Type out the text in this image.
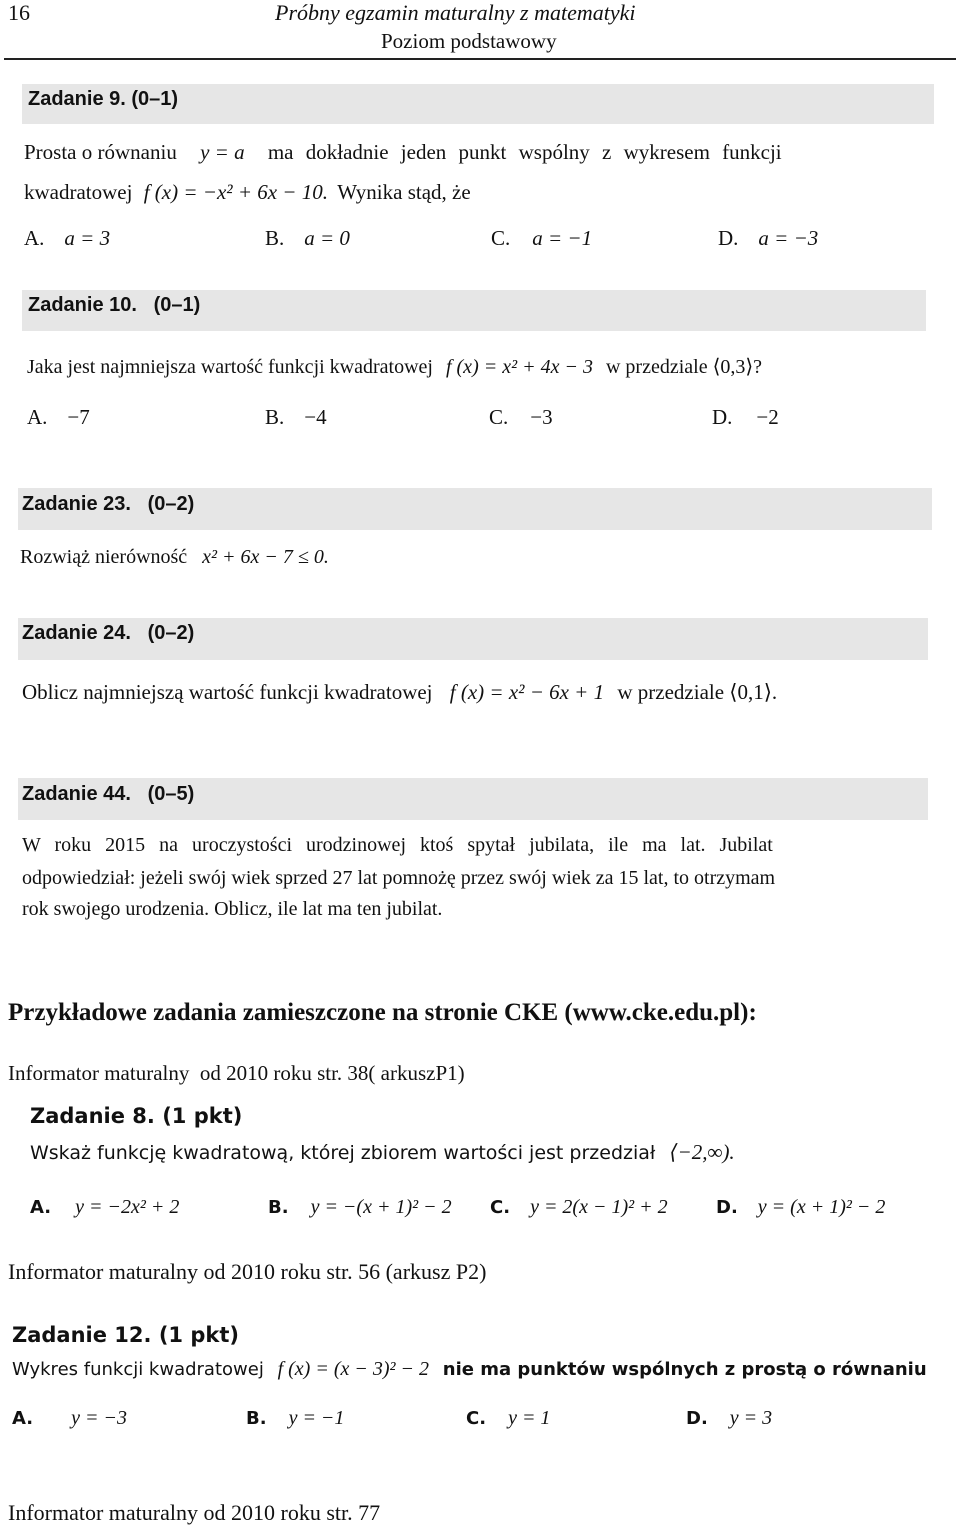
16	Próbny egzamin maturalny z matematyki
Poziom podstawowy
Zadanie 9. (0–1)
Prosta o równaniu y = a ma dokładnie jeden punkt wspólny z wykresem funkcji
kwadratowej f (x) = −x² + 6x − 10. Wynika stąd, że
A. a = 3	B. a = 0	C. a = −1	D. a = −3
Zadanie 10.   (0–1)
Jaka jest najmniejsza wartość funkcji kwadratowej f (x) = x² + 4x − 3 w przedziale ⟨0,3⟩?
A. −7	B. −4	C. −3	D. −2
Zadanie 23.   (0–2)
Rozwiąż nierówność x² + 6x − 7 ≤ 0.
Zadanie 24.   (0–2)
Oblicz najmniejszą wartość funkcji kwadratowej f (x) = x² − 6x + 1 w przedziale ⟨0,1⟩.
Zadanie 44.   (0–5)
W roku 2015 na uroczystości urodzinowej ktoś spytał jubilata, ile ma lat. Jubilat
odpowiedział: jeżeli swój wiek sprzed 27 lat pomnożę przez swój wiek za 15 lat, to otrzymam
rok swojego urodzenia. Oblicz, ile lat ma ten jubilat.
Przykładowe zadania zamieszczone na stronie CKE (www.cke.edu.pl):
Informator maturalny  od 2010 roku str. 38( arkuszP1)
Zadanie 8. (1 pkt)
Wskaż funkcję kwadratową, której zbiorem wartości jest przedział ⟨−2,∞).
A. y = −2x² + 2	B. y = −(x + 1)² − 2 C. y = 2(x − 1)² + 2	D. y = (x + 1)² − 2
Informator maturalny od 2010 roku str. 56 (arkusz P2)
Zadanie 12. (1 pkt)
Wykres funkcji kwadratowej f (x) = (x − 3)² − 2 nie ma punktów wspólnych z prostą o równaniu
A. y = −3	B. y = −1	C. y = 1	D. y = 3
Informator maturalny od 2010 roku str. 77
